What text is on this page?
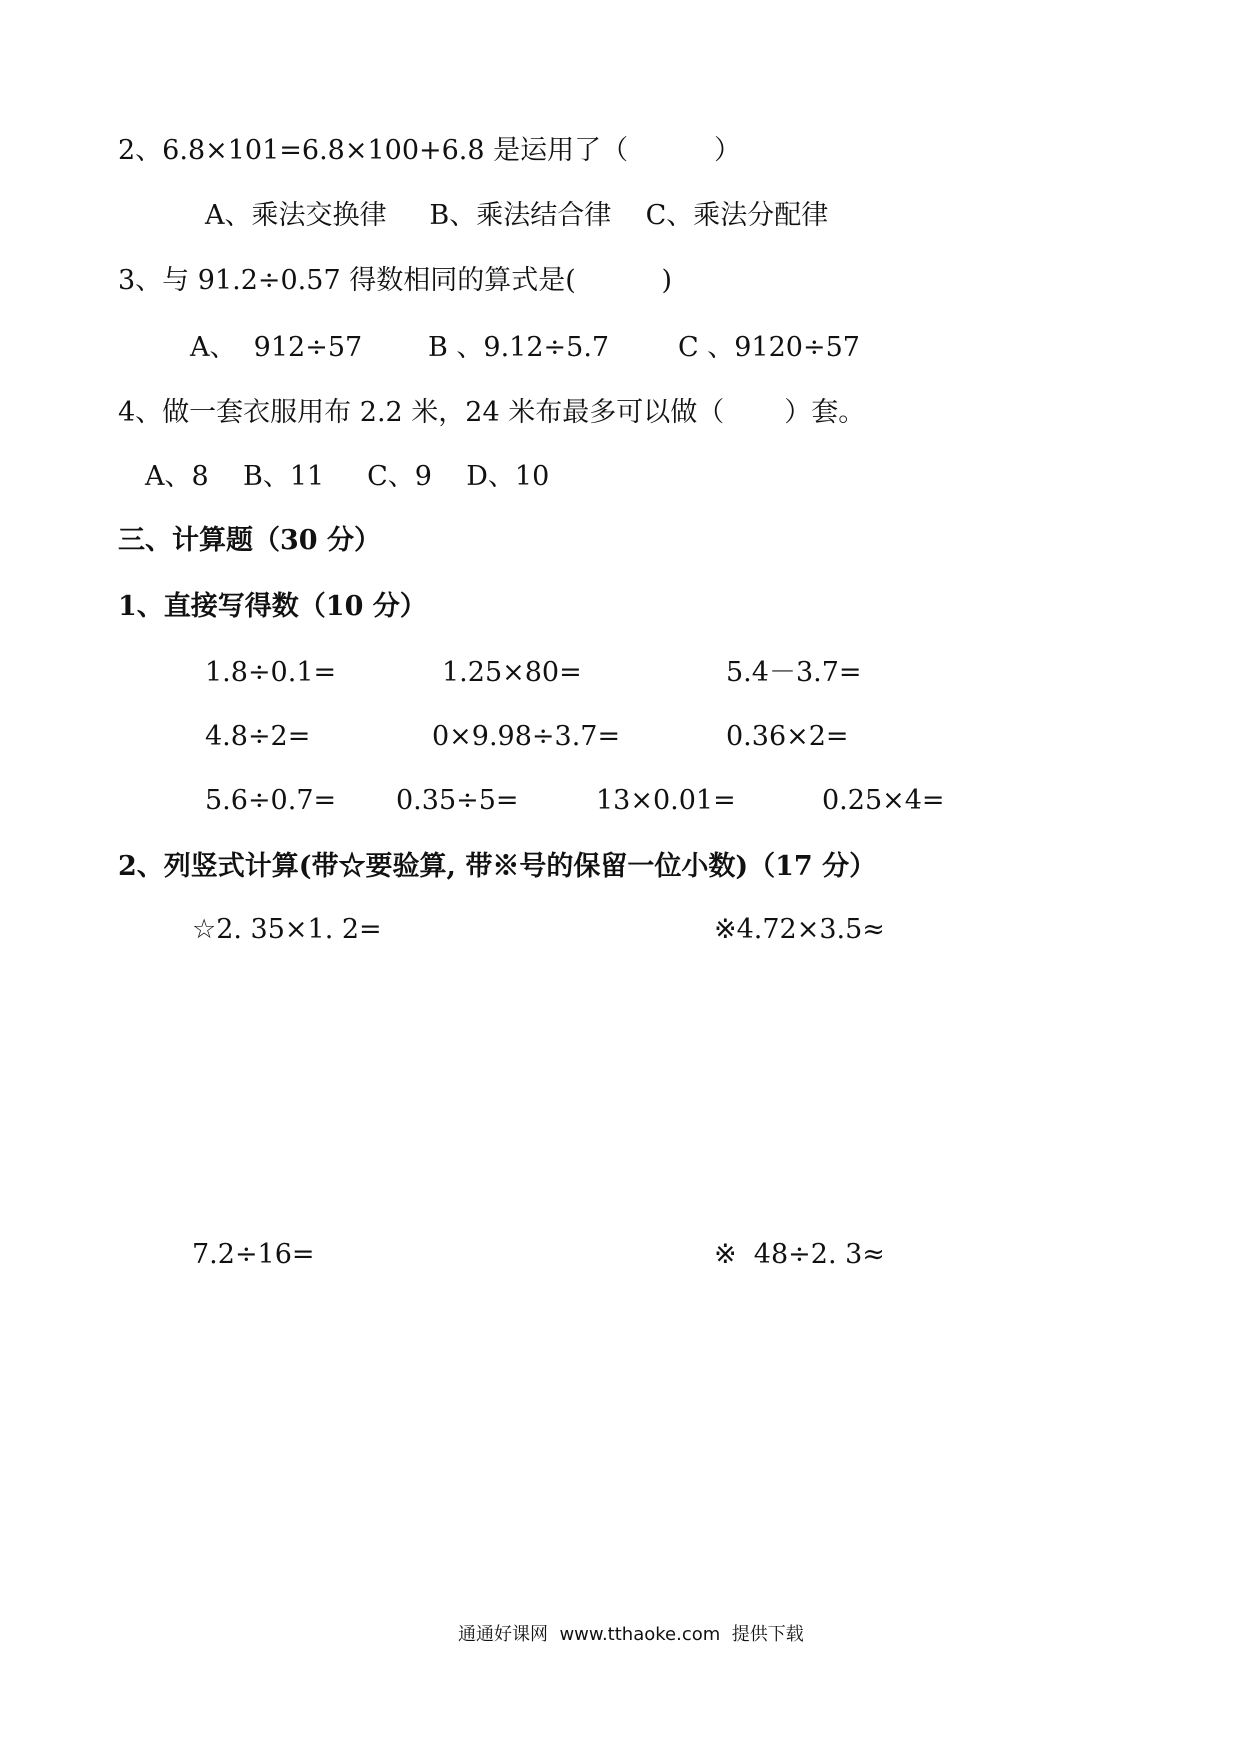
2、6.8×101=6.8×100+6.8 是运用了（          ）
A、乘法交换律     B、乘法结合律    C、乘法分配律
3、与 91.2÷0.57 得数相同的算式是(          )
A、  912÷57 B 、9.12÷5.7	C 、9120÷57
4、做一套衣服用布 2.2 米，24 米布最多可以做（       ）套。
A、8    B、11     C、9    D、10
三、计算题（30 分）
1、直接写得数（10 分）
1.8÷0.1=	1.25×80=	5.4－3.7=
4.8÷2=	0×9.98÷3.7=	0.36×2=
5.6÷0.7= 0.35÷5=	13×0.01=	0.25×4=
2、列竖式计算(带☆要验算, 带※号的保留一位小数)（17 分）
☆2. 35×1. 2=	※4.72×3.5≈
7.2÷16=	※  48÷2. 3≈
通通好课网  www.tthaoke.com  提供下载
